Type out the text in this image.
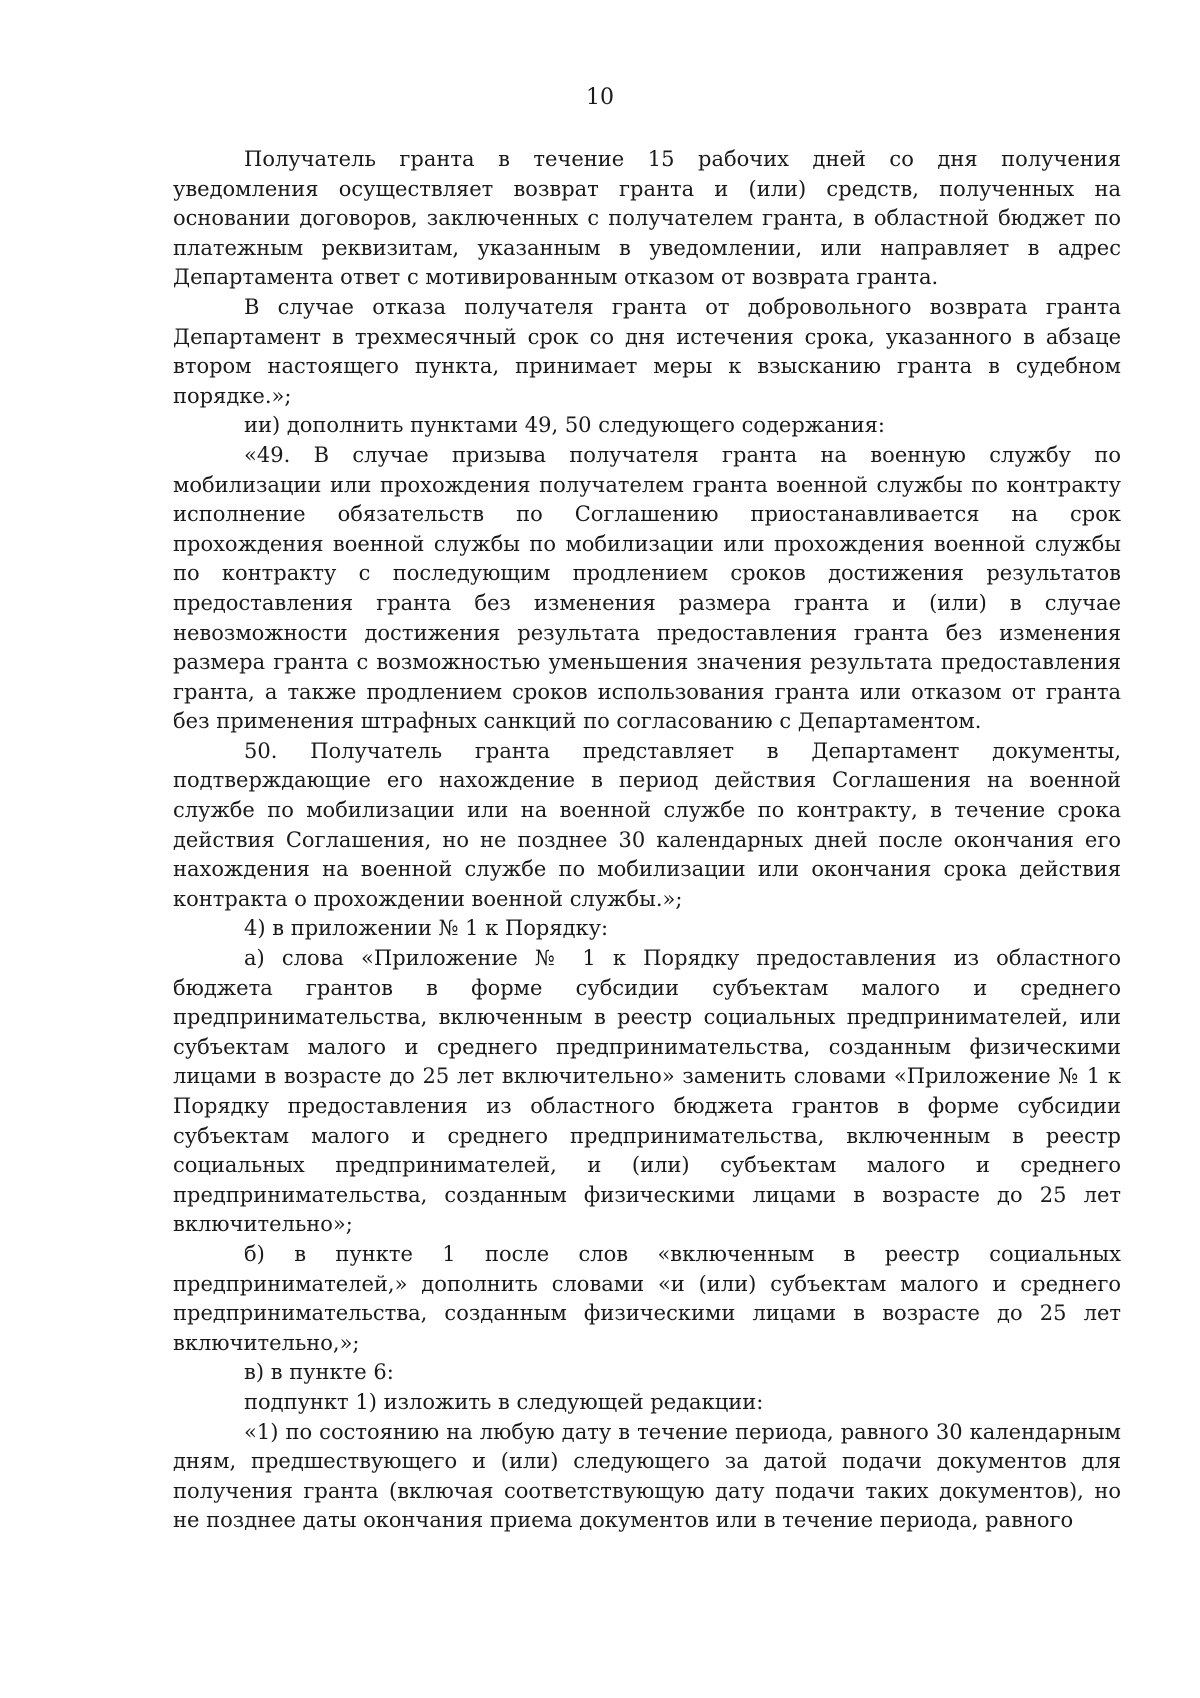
10

Получатель гранта в течение 15 рабочих дней со дня получения уведомления осуществляет возврат гранта и (или) средств, полученных на основании договоров, заключенных с получателем гранта, в областной бюджет по платежным реквизитам, указанным в уведомлении, или направляет в адрес Департамента ответ с мотивированным отказом от возврата гранта.

В случае отказа получателя гранта от добровольного возврата гранта Департамент в трехмесячный срок со дня истечения срока, указанного в абзаце втором настоящего пункта, принимает меры к взысканию гранта в судебном порядке.»;

ии) дополнить пунктами 49, 50 следующего содержания:

«49. В случае призыва получателя гранта на военную службу по мобилизации или прохождения получателем гранта военной службы по контракту исполнение обязательств по Соглашению приостанавливается на срок прохождения военной службы по мобилизации или прохождения военной службы по контракту с последующим продлением сроков достижения результатов предоставления гранта без изменения размера гранта и (или) в случае невозможности достижения результата предоставления гранта без изменения размера гранта с возможностью уменьшения значения результата предоставления гранта, а также продлением сроков использования гранта или отказом от гранта без применения штрафных санкций по согласованию с Департаментом.

50. Получатель гранта представляет в Департамент документы, подтверждающие его нахождение в период действия Соглашения на военной службе по мобилизации или на военной службе по контракту, в течение срока действия Соглашения, но не позднее 30 календарных дней после окончания его нахождения на военной службе по мобилизации или окончания срока действия контракта о прохождении военной службы.»;

4) в приложении № 1 к Порядку:

а) слова «Приложение № 1 к Порядку предоставления из областного бюджета грантов в форме субсидии субъектам малого и среднего предпринимательства, включенным в реестр социальных предпринимателей, или субъектам малого и среднего предпринимательства, созданным физическими лицами в возрасте до 25 лет включительно» заменить словами «Приложение № 1 к Порядку предоставления из областного бюджета грантов в форме субсидии субъектам малого и среднего предпринимательства, включенным в реестр социальных предпринимателей, и (или) субъектам малого и среднего предпринимательства, созданным физическими лицами в возрасте до 25 лет включительно»;

б) в пункте 1 после слов «включенным в реестр социальных предпринимателей,» дополнить словами «и (или) субъектам малого и среднего предпринимательства, созданным физическими лицами в возрасте до 25 лет включительно,»;

в) в пункте 6:

подпункт 1) изложить в следующей редакции:

«1) по состоянию на любую дату в течение периода, равного 30 календарным дням, предшествующего и (или) следующего за датой подачи документов для получения гранта (включая соответствующую дату подачи таких документов), но не позднее даты окончания приема документов или в течение периода, равного
